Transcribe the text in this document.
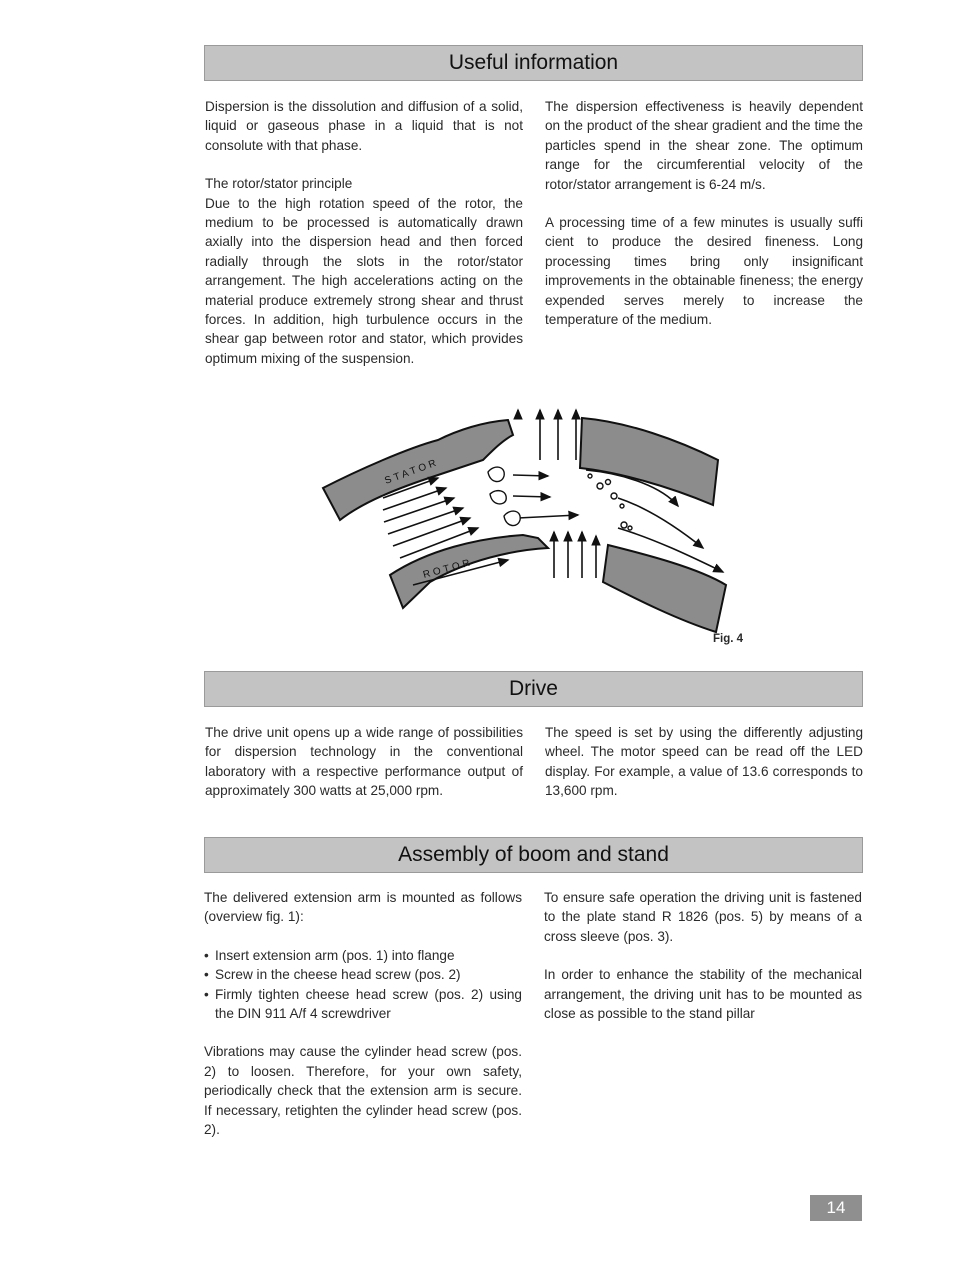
Useful information

Dispersion is the dissolution and diffusion of a solid, liquid or gaseous phase in a liquid that is not consolute with that phase.

The rotor/stator principle

Due to the high rotation speed of the rotor, the medium to be processed is automatically drawn axially into the dispersion head and then forced radially through the slots in the rotor/stator arrangement. The high accelerations acting on the material produce extremely strong shear and thrust forces. In addition, high turbulence occurs in the shear gap between rotor and stator, which provides optimum mixing of the suspension.

The dispersion effectiveness is heavily dependent on the product of the shear gradient and the time the particles spend in the shear zone. The optimum range for the circumferential velocity of the rotor/stator arrangement is 6-24 m/s.

A processing time of a few minutes is usually suffi cient to produce the desired fineness. Long processing times bring only insignificant improvements in the obtainable fineness; the energy expended serves merely to increase the temperature of the medium.

STATOR
ROTOR
Fig. 4
Drive

The drive unit opens up a wide range of possibilities for dispersion technology in the conventional laboratory with a respective performance output of approximately 300 watts at 25,000 rpm.

The speed is set by using the differently adjusting wheel. The motor speed can be read off the LED display. For example, a value of 13.6 corresponds to 13,600 rpm.

Assembly of boom and stand

The delivered extension arm is mounted as follows (overview fig. 1):

• Insert extension arm (pos. 1) into flange
• Screw in the cheese head screw (pos. 2)
• Firmly tighten cheese head screw (pos. 2) using the DIN 911 A/f 4 screwdriver

Vibrations may cause the cylinder head screw (pos. 2) to loosen. Therefore, for your own safety, periodically check that the extension arm is secure. If necessary, retighten the cylinder head screw (pos. 2).

To ensure safe operation the driving unit is fastened to the plate stand R 1826 (pos. 5) by means of a cross sleeve (pos. 3).

In order to enhance the stability of the mechanical arrangement, the driving unit has to be mounted as close as possible to the stand pillar

14
